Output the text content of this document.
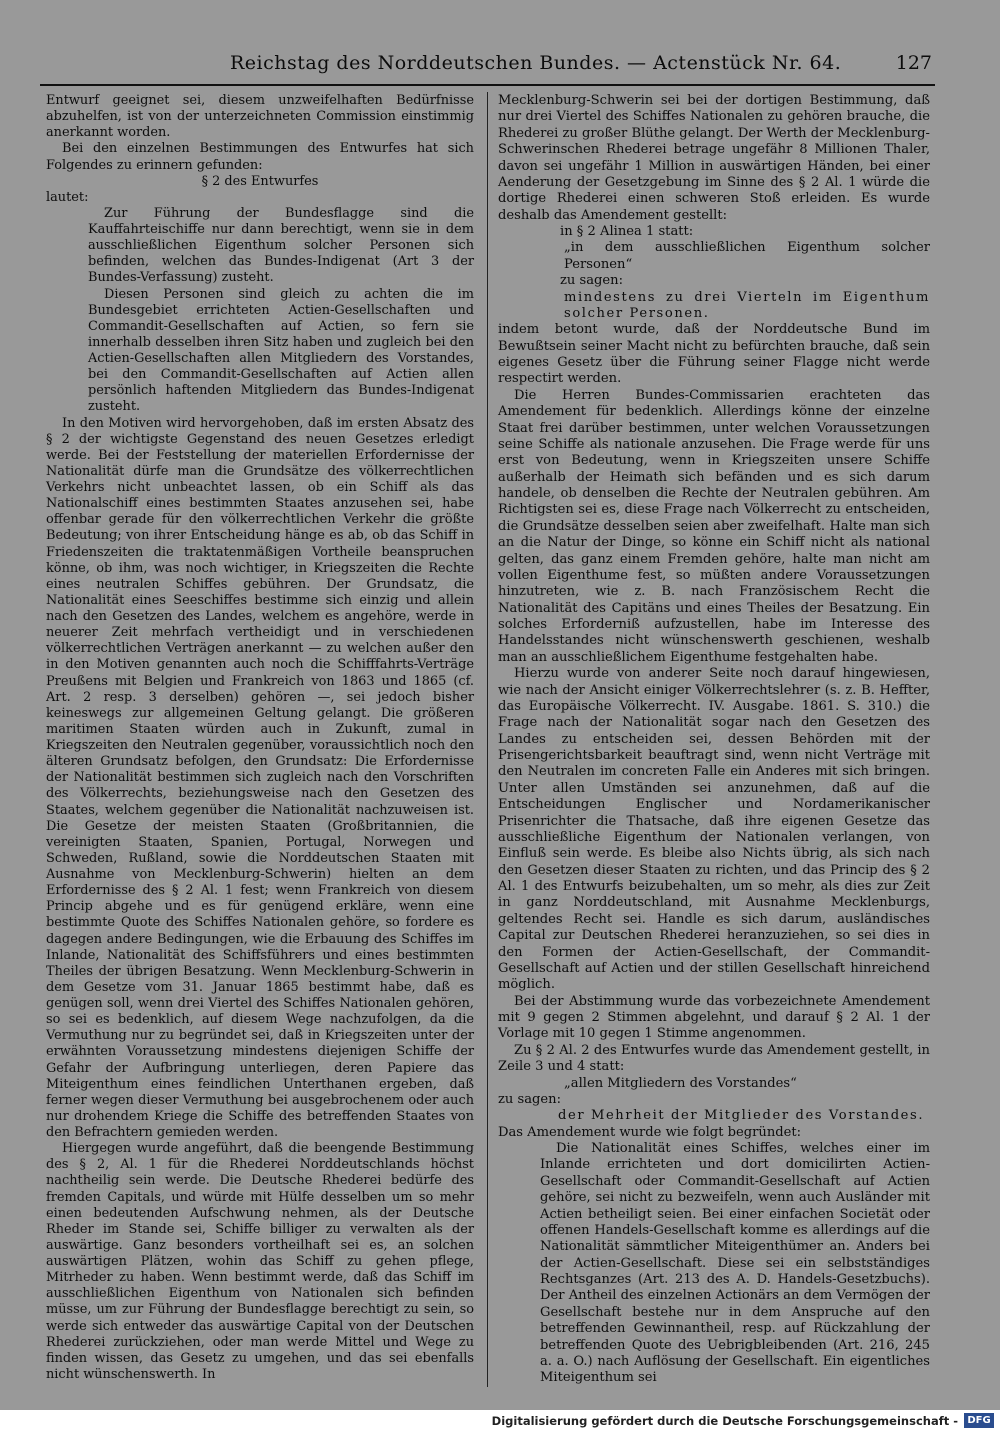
Reichstag des Norddeutschen Bundes. — Actenstück Nr. 64.	127

Entwurf geeignet sei, diesem unzweifelhaften Bedürfnisse abzuhelfen, ist von der unterzeichneten Commission einstimmig anerkannt worden.

Bei den einzelnen Bestimmungen des Entwurfes hat sich Folgendes zu erinnern gefunden:

§ 2 des Entwurfes

lautet:

Zur Führung der Bundesflagge sind die Kauffahrteischiffe nur dann berechtigt, wenn sie in dem ausschließlichen Eigenthum solcher Personen sich befinden, welchen das Bundes-Indigenat (Art 3 der Bundes-Verfassung) zusteht.

Diesen Personen sind gleich zu achten die im Bundesgebiet errichteten Actien-Gesellschaften und Commandit-Gesellschaften auf Actien, so fern sie innerhalb desselben ihren Sitz haben und zugleich bei den Actien-Gesellschaften allen Mitgliedern des Vorstandes, bei den Commandit-Gesellschaften auf Actien allen persönlich haftenden Mitgliedern das Bundes-Indigenat zusteht.

In den Motiven wird hervorgehoben, daß im ersten Absatz des § 2 der wichtigste Gegenstand des neuen Gesetzes erledigt werde. Bei der Feststellung der materiellen Erfordernisse der Nationalität dürfe man die Grundsätze des völkerrechtlichen Verkehrs nicht unbeachtet lassen, ob ein Schiff als das Nationalschiff eines bestimmten Staates anzusehen sei, habe offenbar gerade für den völkerrechtlichen Verkehr die größte Bedeutung; von ihrer Entscheidung hänge es ab, ob das Schiff in Friedenszeiten die traktatenmäßigen Vortheile beanspruchen könne, ob ihm, was noch wichtiger, in Kriegszeiten die Rechte eines neutralen Schiffes gebühren. Der Grundsatz, die Nationalität eines Seeschiffes bestimme sich einzig und allein nach den Gesetzen des Landes, welchem es angehöre, werde in neuerer Zeit mehrfach vertheidigt und in verschiedenen völkerrechtlichen Verträgen anerkannt — zu welchen außer den in den Motiven genannten auch noch die Schifffahrts-Verträge Preußens mit Belgien und Frankreich von 1863 und 1865 (cf. Art. 2 resp. 3 derselben) gehören —, sei jedoch bisher keineswegs zur allgemeinen Geltung gelangt. Die größeren maritimen Staaten würden auch in Zukunft, zumal in Kriegszeiten den Neutralen gegenüber, voraussichtlich noch den älteren Grundsatz befolgen, den Grundsatz: Die Erfordernisse der Nationalität bestimmen sich zugleich nach den Vorschriften des Völkerrechts, beziehungsweise nach den Gesetzen des Staates, welchem gegenüber die Nationalität nachzuweisen ist. Die Gesetze der meisten Staaten (Großbritannien, die vereinigten Staaten, Spanien, Portugal, Norwegen und Schweden, Rußland, sowie die Norddeutschen Staaten mit Ausnahme von Mecklenburg-Schwerin) hielten an dem Erfordernisse des § 2 Al. 1 fest; wenn Frankreich von diesem Princip abgehe und es für genügend erkläre, wenn eine bestimmte Quote des Schiffes Nationalen gehöre, so fordere es dagegen andere Bedingungen, wie die Erbauung des Schiffes im Inlande, Nationalität des Schiffsführers und eines bestimmten Theiles der übrigen Besatzung. Wenn Mecklenburg-Schwerin in dem Gesetze vom 31. Januar 1865 bestimmt habe, daß es genügen soll, wenn drei Viertel des Schiffes Nationalen gehören, so sei es bedenklich, auf diesem Wege nachzufolgen, da die Vermuthung nur zu begründet sei, daß in Kriegszeiten unter der erwähnten Voraussetzung mindestens diejenigen Schiffe der Gefahr der Aufbringung unterliegen, deren Papiere das Miteigenthum eines feindlichen Unterthanen ergeben, daß ferner wegen dieser Vermuthung bei ausgebrochenem oder auch nur drohendem Kriege die Schiffe des betreffenden Staates von den Befrachtern gemieden werden.

Hiergegen wurde angeführt, daß die beengende Bestimmung des § 2, Al. 1 für die Rhederei Norddeutschlands höchst nachtheilig sein werde. Die Deutsche Rhederei bedürfe des fremden Capitals, und würde mit Hülfe desselben um so mehr einen bedeutenden Aufschwung nehmen, als der Deutsche Rheder im Stande sei, Schiffe billiger zu verwalten als der auswärtige. Ganz besonders vortheilhaft sei es, an solchen auswärtigen Plätzen, wohin das Schiff zu gehen pflege, Mitrheder zu haben. Wenn bestimmt werde, daß das Schiff im ausschließlichen Eigenthum von Nationalen sich befinden müsse, um zur Führung der Bundesflagge berechtigt zu sein, so werde sich entweder das auswärtige Capital von der Deutschen Rhederei zurückziehen, oder man werde Mittel und Wege zu finden wissen, das Gesetz zu umgehen, und das sei ebenfalls nicht wünschenswerth. In

Mecklenburg-Schwerin sei bei der dortigen Bestimmung, daß nur drei Viertel des Schiffes Nationalen zu gehören brauche, die Rhederei zu großer Blüthe gelangt. Der Werth der Mecklenburg-Schwerinschen Rhederei betrage ungefähr 8 Millionen Thaler, davon sei ungefähr 1 Million in auswärtigen Händen, bei einer Aenderung der Gesetzgebung im Sinne des § 2 Al. 1 würde die dortige Rhederei einen schweren Stoß erleiden. Es wurde deshalb das Amendement gestellt:

in § 2 Alinea 1 statt:

„in dem ausschließlichen Eigenthum solcher Personen“

zu sagen:

mindestens zu drei Vierteln im Eigenthum solcher Personen.

indem betont wurde, daß der Norddeutsche Bund im Bewußtsein seiner Macht nicht zu befürchten brauche, daß sein eigenes Gesetz über die Führung seiner Flagge nicht werde respectirt werden.

Die Herren Bundes-Commissarien erachteten das Amendement für bedenklich. Allerdings könne der einzelne Staat frei darüber bestimmen, unter welchen Voraussetzungen seine Schiffe als nationale anzusehen. Die Frage werde für uns erst von Bedeutung, wenn in Kriegszeiten unsere Schiffe außerhalb der Heimath sich befänden und es sich darum handele, ob denselben die Rechte der Neutralen gebühren. Am Richtigsten sei es, diese Frage nach Völkerrecht zu entscheiden, die Grundsätze desselben seien aber zweifelhaft. Halte man sich an die Natur der Dinge, so könne ein Schiff nicht als national gelten, das ganz einem Fremden gehöre, halte man nicht am vollen Eigenthume fest, so müßten andere Voraussetzungen hinzutreten, wie z. B. nach Französischem Recht die Nationalität des Capitäns und eines Theiles der Besatzung. Ein solches Erforderniß aufzustellen, habe im Interesse des Handelsstandes nicht wünschenswerth geschienen, weshalb man an ausschließlichem Eigenthume festgehalten habe.

Hierzu wurde von anderer Seite noch darauf hingewiesen, wie nach der Ansicht einiger Völkerrechtslehrer (s. z. B. Heffter, das Europäische Völkerrecht. IV. Ausgabe. 1861. S. 310.) die Frage nach der Nationalität sogar nach den Gesetzen des Landes zu entscheiden sei, dessen Behörden mit der Prisengerichtsbarkeit beauftragt sind, wenn nicht Verträge mit den Neutralen im concreten Falle ein Anderes mit sich bringen. Unter allen Umständen sei anzunehmen, daß auf die Entscheidungen Englischer und Nordamerikanischer Prisenrichter die Thatsache, daß ihre eigenen Gesetze das ausschließliche Eigenthum der Nationalen verlangen, von Einfluß sein werde. Es bleibe also Nichts übrig, als sich nach den Gesetzen dieser Staaten zu richten, und das Princip des § 2 Al. 1 des Entwurfs beizubehalten, um so mehr, als dies zur Zeit in ganz Norddeutschland, mit Ausnahme Mecklenburgs, geltendes Recht sei. Handle es sich darum, ausländisches Capital zur Deutschen Rhederei heranzuziehen, so sei dies in den Formen der Actien-Gesellschaft, der Commandit-Gesellschaft auf Actien und der stillen Gesellschaft hinreichend möglich.

Bei der Abstimmung wurde das vorbezeichnete Amendement mit 9 gegen 2 Stimmen abgelehnt, und darauf § 2 Al. 1 der Vorlage mit 10 gegen 1 Stimme angenommen.

Zu § 2 Al. 2 des Entwurfes wurde das Amendement gestellt, in Zeile 3 und 4 statt:

„allen Mitgliedern des Vorstandes“

zu sagen:

der Mehrheit der Mitglieder des Vorstandes.

Das Amendement wurde wie folgt begründet:

Die Nationalität eines Schiffes, welches einer im Inlande errichteten und dort domicilirten Actien-Gesellschaft oder Commandit-Gesellschaft auf Actien gehöre, sei nicht zu bezweifeln, wenn auch Ausländer mit Actien betheiligt seien. Bei einer einfachen Societät oder offenen Handels-Gesellschaft komme es allerdings auf die Nationalität sämmtlicher Miteigenthümer an. Anders bei der Actien-Gesellschaft. Diese sei ein selbstständiges Rechtsganzes (Art. 213 des A. D. Handels-Gesetzbuchs). Der Antheil des einzelnen Actionärs an dem Vermögen der Gesellschaft bestehe nur in dem Anspruche auf den betreffenden Gewinnantheil, resp. auf Rückzahlung der betreffenden Quote des Uebrigbleibenden (Art. 216, 245 a. a. O.) nach Auflösung der Gesellschaft. Ein eigentliches Miteigenthum sei

Digitalisierung gefördert durch die Deutsche Forschungsgemeinschaft - DFG
